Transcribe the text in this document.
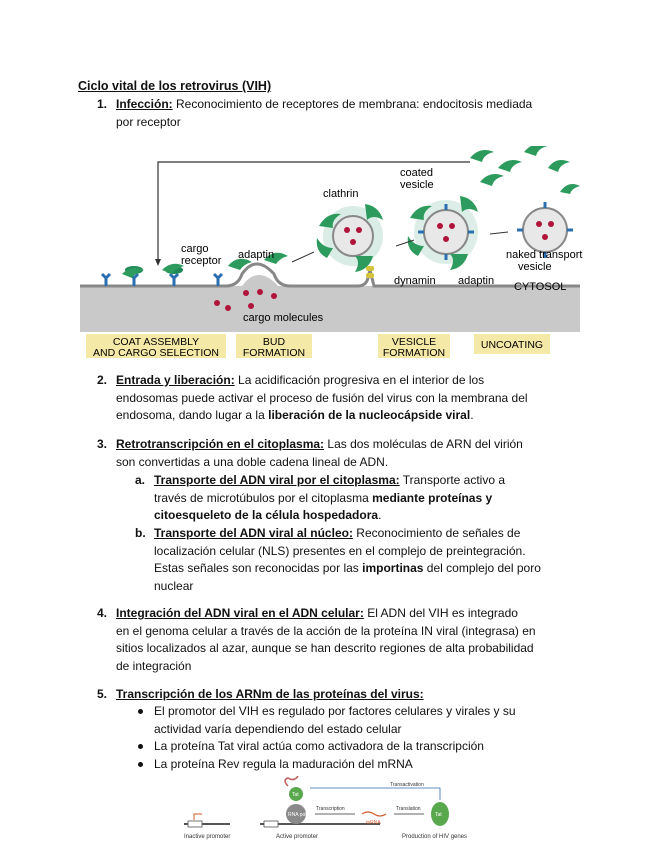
Ciclo vital de los retrovirus (VIH)
1. Infección: Reconocimiento de receptores de membrana: endocitosis mediada
por receptor
clathrin
coated
vesicle
cargo
receptor adaptin	naked transport
vesicle
dynamin adaptin CYTOSOL
cargo molecules
COAT ASSEMBLY
AND CARGO SELECTION
BUD
FORMATION
VESICLE
FORMATION
UNCOATING
2. Entrada y liberación: La acidificación progresiva en el interior de los
endosomas puede activar el proceso de fusión del virus con la membrana del
endosoma, dando lugar a la liberación de la nucleocápside viral.
3. Retrotranscripción en el citoplasma: Las dos moléculas de ARN del virión
son convertidas a una doble cadena lineal de ADN.
a. Transporte del ADN viral por el citoplasma: Transporte activo a
través de microtúbulos por el citoplasma mediante proteínas y
citoesqueleto de la célula hospedadora.
b. Transporte del ADN viral al núcleo: Reconocimiento de señales de
localización celular (NLS) presentes en el complejo de preintegración.
Estas señales son reconocidas por las importinas del complejo del poro
nuclear
4. Integración del ADN viral en el ADN celular: El ADN del VIH es integrado
en el genoma celular a través de la acción de la proteína IN viral (integrasa) en
sitios localizados al azar, aunque se han descrito regiones de alta probabilidad
de integración
5. Transcripción de los ARNm de las proteínas del virus:
El promotor del VIH es regulado por factores celulares y virales y su
actividad varía dependiendo del estado celular
La proteína Tat viral actúa como activadora de la transcripción
La proteína Rev regula la maduración del mRNA
Inactive promoter
RNA pol
Tat
Transcription
mRNA
Translation
Tat
Transactivation
Active promoter	Production of HIV genes
